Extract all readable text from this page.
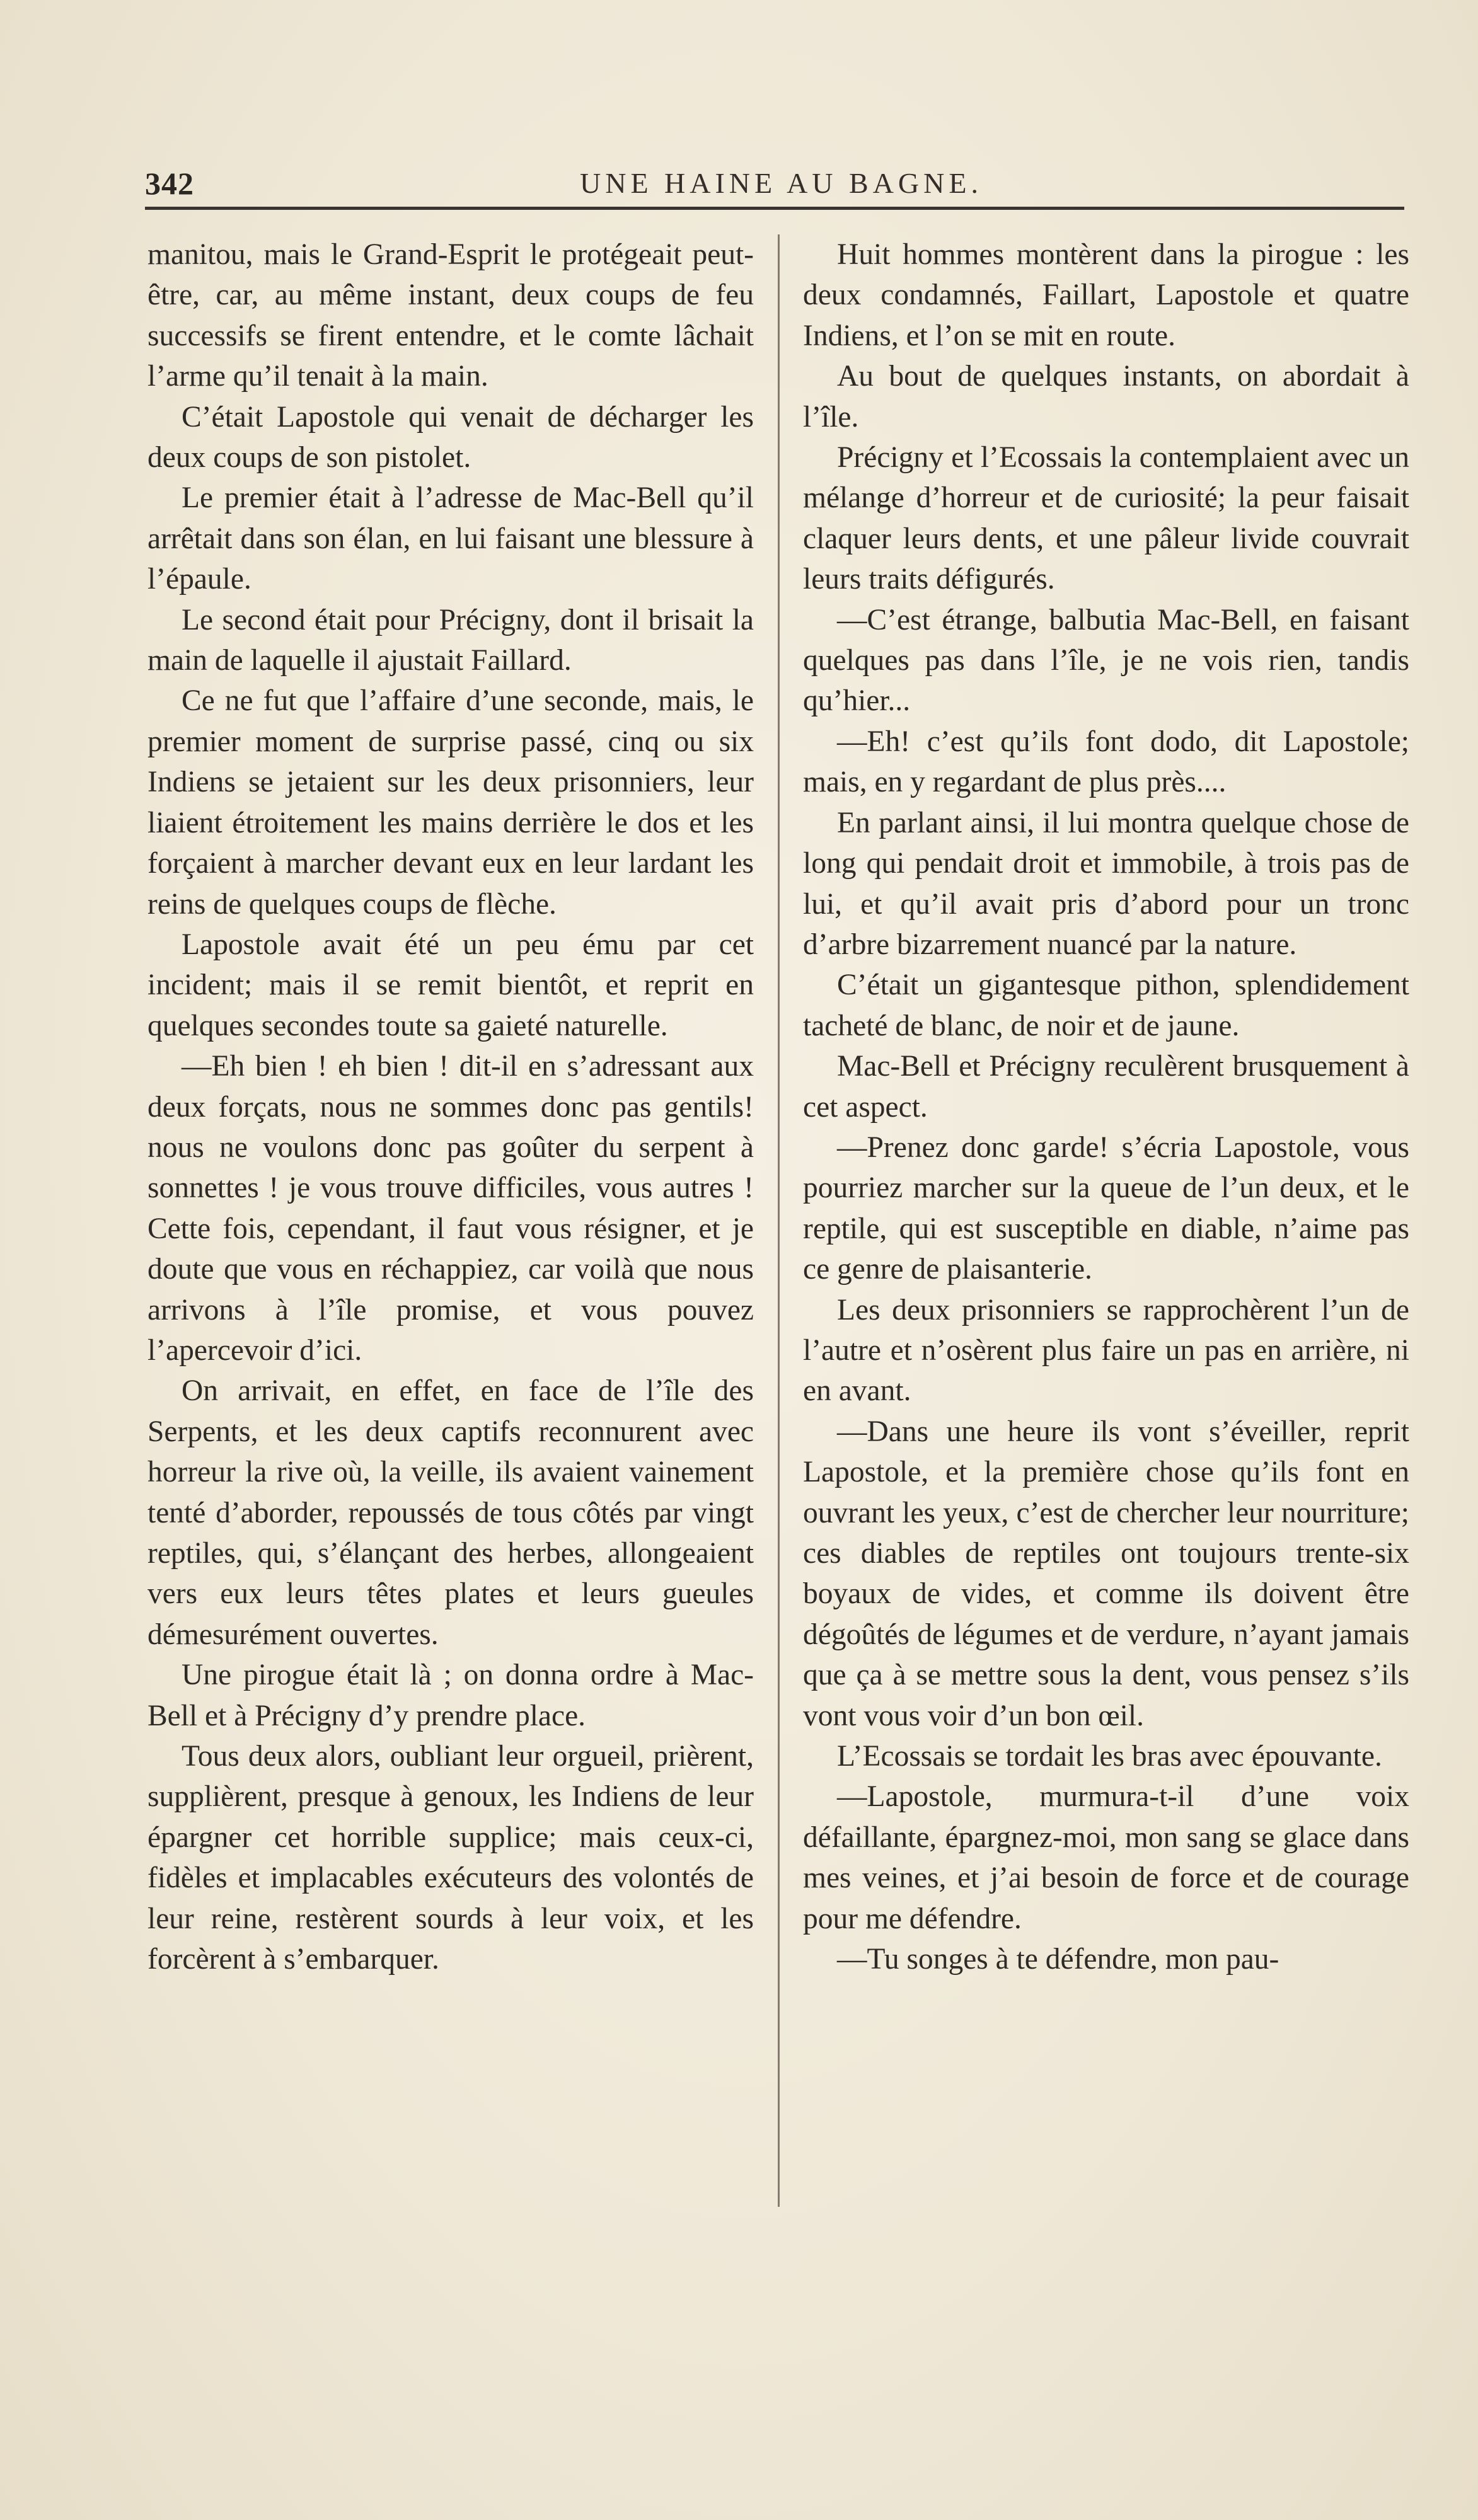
342	UNE HAINE AU BAGNE.

manitou, mais le Grand-Esprit le protégeait peut-être, car, au même instant, deux coups de feu successifs se firent entendre, et le comte lâchait l’arme qu’il tenait à la main.

C’était Lapostole qui venait de décharger les deux coups de son pistolet.

Le premier était à l’adresse de Mac-Bell qu’il arrêtait dans son élan, en lui faisant une blessure à l’épaule.

Le second était pour Précigny, dont il brisait la main de laquelle il ajustait Faillard.

Ce ne fut que l’affaire d’une seconde, mais, le premier moment de surprise passé, cinq ou six Indiens se jetaient sur les deux prisonniers, leur liaient étroitement les mains derrière le dos et les forçaient à marcher devant eux en leur lardant les reins de quelques coups de flèche.

Lapostole avait été un peu ému par cet incident; mais il se remit bientôt, et reprit en quelques secondes toute sa gaieté naturelle.

—Eh bien ! eh bien ! dit-il en s’adressant aux deux forçats, nous ne sommes donc pas gentils! nous ne voulons donc pas goûter du serpent à sonnettes ! je vous trouve difficiles, vous autres ! Cette fois, cependant, il faut vous résigner, et je doute que vous en réchappiez, car voilà que nous arrivons à l’île promise, et vous pouvez l’apercevoir d’ici.

On arrivait, en effet, en face de l’île des Serpents, et les deux captifs reconnurent avec horreur la rive où, la veille, ils avaient vainement tenté d’aborder, repoussés de tous côtés par vingt reptiles, qui, s’élançant des herbes, allongeaient vers eux leurs têtes plates et leurs gueules démesurément ouvertes.

Une pirogue était là ; on donna ordre à Mac-Bell et à Précigny d’y prendre place.

Tous deux alors, oubliant leur orgueil, prièrent, supplièrent, presque à genoux, les Indiens de leur épargner cet horrible supplice; mais ceux-ci, fidèles et implacables exécuteurs des volontés de leur reine, restèrent sourds à leur voix, et les forcèrent à s’embarquer.

Huit hommes montèrent dans la pirogue : les deux condamnés, Faillart, Lapostole et quatre Indiens, et l’on se mit en route.

Au bout de quelques instants, on abordait à l’île.

Précigny et l’Ecossais la contemplaient avec un mélange d’horreur et de curiosité; la peur faisait claquer leurs dents, et une pâleur livide couvrait leurs traits défigurés.

—C’est étrange, balbutia Mac-Bell, en faisant quelques pas dans l’île, je ne vois rien, tandis qu’hier...

—Eh! c’est qu’ils font dodo, dit Lapostole; mais, en y regardant de plus près....

En parlant ainsi, il lui montra quelque chose de long qui pendait droit et immobile, à trois pas de lui, et qu’il avait pris d’abord pour un tronc d’arbre bizarrement nuancé par la nature.

C’était un gigantesque pithon, splendidement tacheté de blanc, de noir et de jaune.

Mac-Bell et Précigny reculèrent brusquement à cet aspect.

—Prenez donc garde! s’écria Lapostole, vous pourriez marcher sur la queue de l’un deux, et le reptile, qui est susceptible en diable, n’aime pas ce genre de plaisanterie.

Les deux prisonniers se rapprochèrent l’un de l’autre et n’osèrent plus faire un pas en arrière, ni en avant.

—Dans une heure ils vont s’éveiller, reprit Lapostole, et la première chose qu’ils font en ouvrant les yeux, c’est de chercher leur nourriture; ces diables de reptiles ont toujours trente-six boyaux de vides, et comme ils doivent être dégoûtés de légumes et de verdure, n’ayant jamais que ça à se mettre sous la dent, vous pensez s’ils vont vous voir d’un bon œil.

L’Ecossais se tordait les bras avec épouvante.

—Lapostole, murmura-t-il d’une voix défaillante, épargnez-moi, mon sang se glace dans mes veines, et j’ai besoin de force et de courage pour me défendre.

—Tu songes à te défendre, mon pau-
